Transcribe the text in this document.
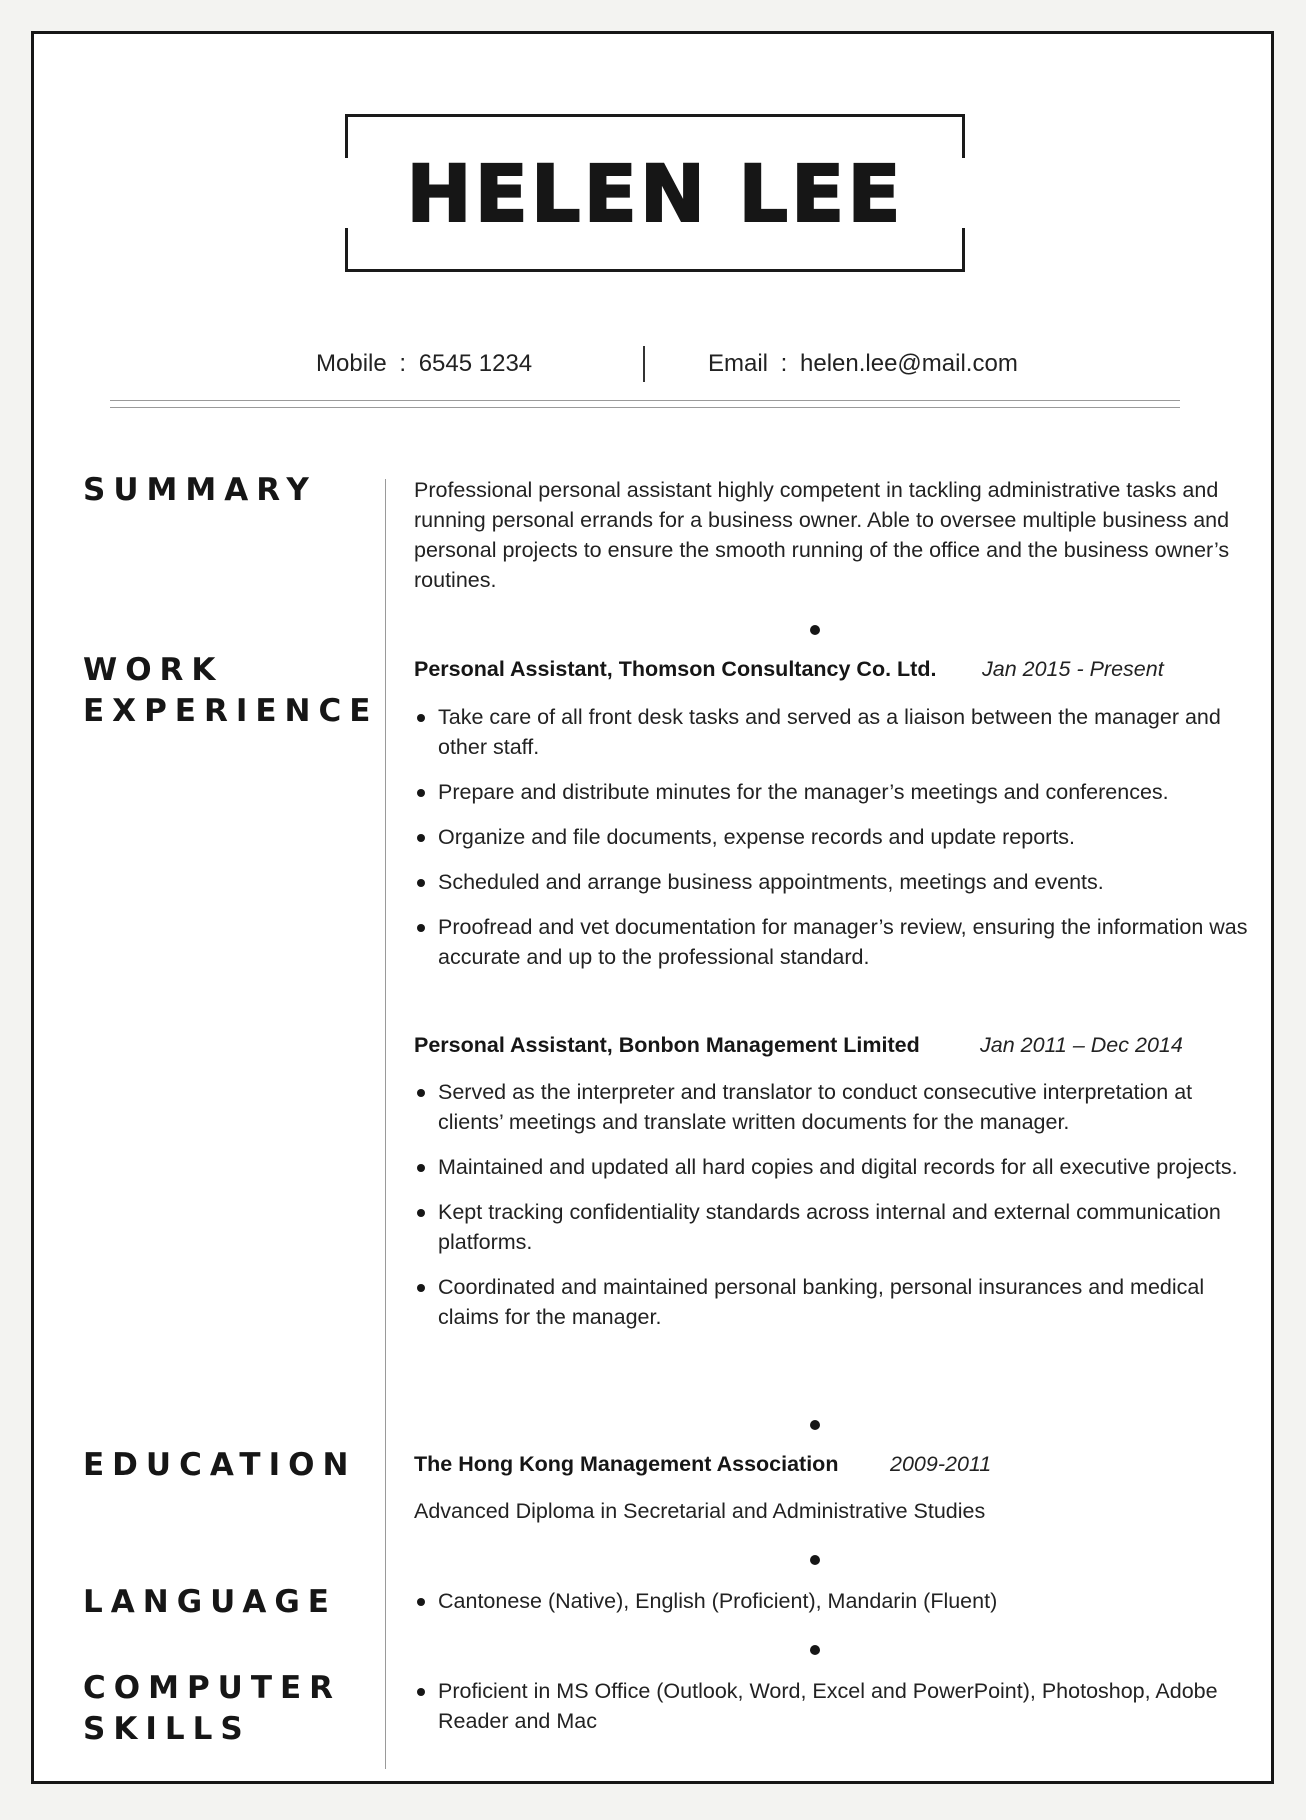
HELEN LEE
Mobile : 6545 1234	Email : helen.lee@mail.com
SUMMARY	Professional personal assistant highly competent in tackling administrative tasks and running personal errands for a business owner. Able to oversee multiple business and personal projects to ensure the smooth running of the office and the business owner’s routines.
WORK
EXPERIENCE
Personal Assistant, Thomson Consultancy Co. Ltd. Jan 2015 - Present
Take care of all front desk tasks and served as a liaison between the manager and other staff.
Prepare and distribute minutes for the manager’s meetings and conferences.
Organize and file documents, expense records and update reports.
Scheduled and arrange business appointments, meetings and events.
Proofread and vet documentation for manager’s review, ensuring the information was accurate and up to the professional standard.
Personal Assistant, Bonbon Management Limited	Jan 2011 – Dec 2014
Served as the interpreter and translator to conduct consecutive interpretation at clients’ meetings and translate written documents for the manager.
Maintained and updated all hard copies and digital records for all executive projects.
Kept tracking confidentiality standards across internal and external communication platforms.
Coordinated and maintained personal banking, personal insurances and medical claims for the manager.
EDUCATION	The Hong Kong Management Association 2009-2011
Advanced Diploma in Secretarial and Administrative Studies
LANGUAGE	Cantonese (Native), English (Proficient), Mandarin (Fluent)
COMPUTER
SKILLS
Proficient in MS Office (Outlook, Word, Excel and PowerPoint), Photoshop, Adobe Reader and Mac
